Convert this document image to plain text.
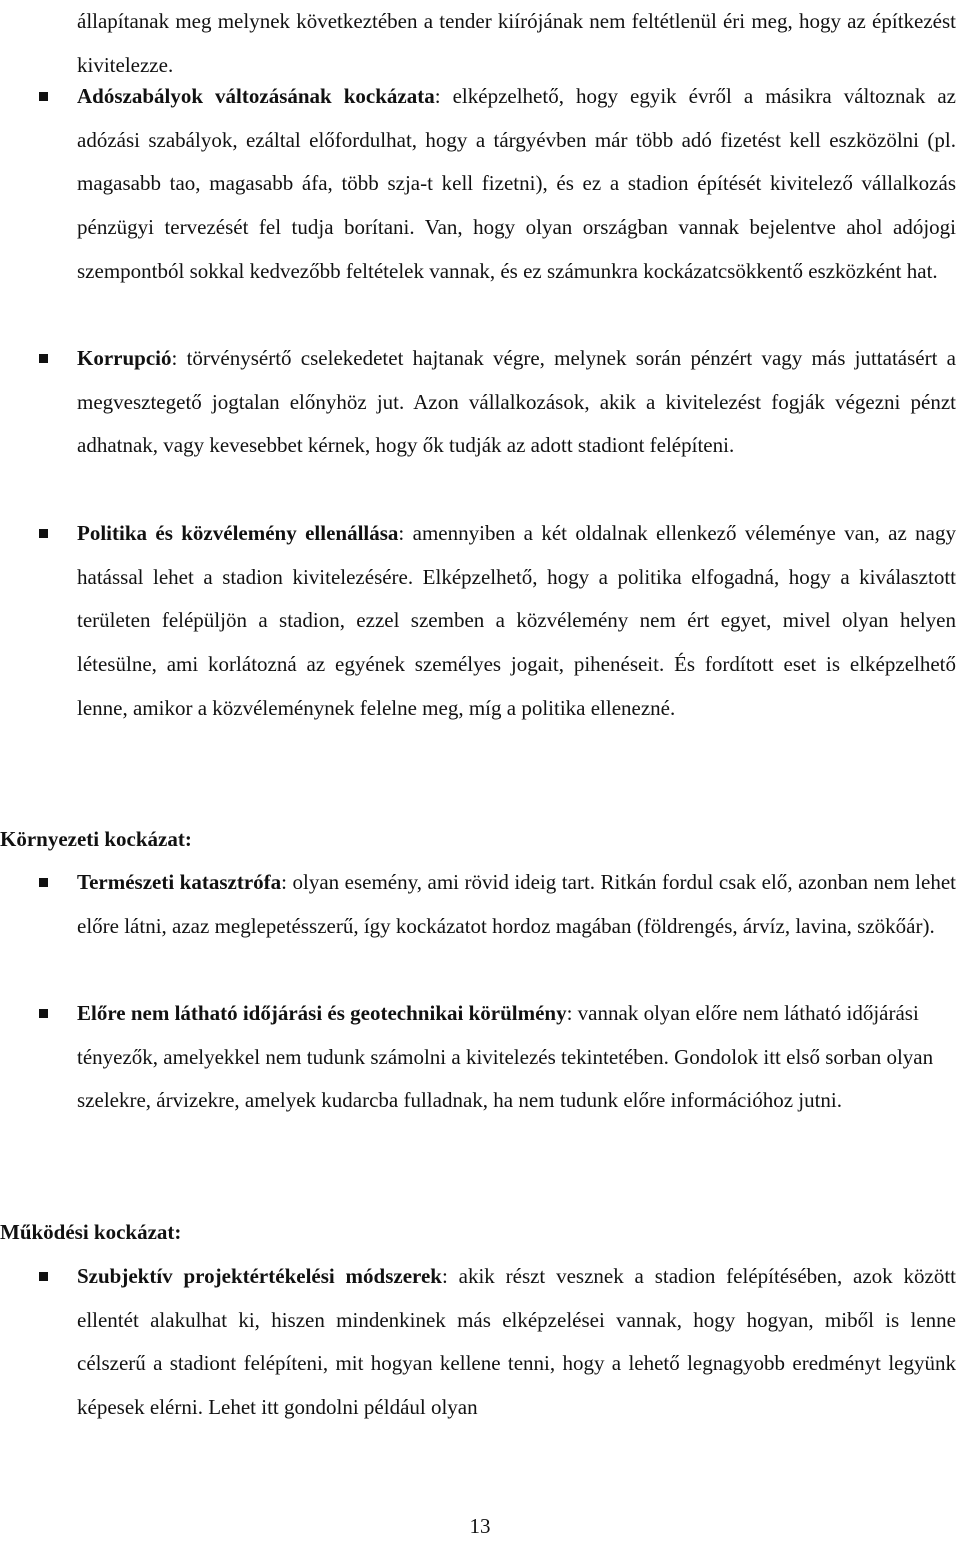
állapítanak meg melynek következtében a tender kiírójának nem feltétlenül éri meg, hogy az építkezést kivitelezze.

Adószabályok változásának kockázata: elképzelhető, hogy egyik évről a másikra változnak az adózási szabályok, ezáltal előfordulhat, hogy a tárgyévben már több adó fizetést kell eszközölni (pl. magasabb tao, magasabb áfa, több szja-t kell fizetni), és ez a stadion építését kivitelező vállalkozás pénzügyi tervezését fel tudja borítani. Van, hogy olyan országban vannak bejelentve ahol adójogi szempontból sokkal kedvezőbb feltételek vannak, és ez számunkra kockázatcsökkentő eszközként hat.

Korrupció: törvénysértő cselekedetet hajtanak végre, melynek során pénzért vagy más juttatásért a megvesztegető jogtalan előnyhöz jut. Azon vállalkozások, akik a kivitelezést fogják végezni pénzt adhatnak, vagy kevesebbet kérnek, hogy ők tudják az adott stadiont felépíteni.

Politika és közvélemény ellenállása: amennyiben a két oldalnak ellenkező véleménye van, az nagy hatással lehet a stadion kivitelezésére. Elképzelhető, hogy a politika elfogadná, hogy a kiválasztott területen felépüljön a stadion, ezzel szemben a közvélemény nem ért egyet, mivel olyan helyen létesülne, ami korlátozná az egyének személyes jogait, pihenéseit. És fordított eset is elképzelhető lenne, amikor a közvéleménynek felelne meg, míg a politika ellenezné.

Környezeti kockázat:

Természeti katasztrófa: olyan esemény, ami rövid ideig tart. Ritkán fordul csak elő, azonban nem lehet előre látni, azaz meglepetésszerű, így kockázatot hordoz magában (földrengés, árvíz, lavina, szökőár).

Előre nem látható időjárási és geotechnikai körülmény: vannak olyan előre nem látható időjárási tényezők, amelyekkel nem tudunk számolni a kivitelezés tekintetében. Gondolok itt első sorban olyan szelekre, árvizekre, amelyek kudarcba fulladnak, ha nem tudunk előre információhoz jutni.

Működési kockázat:

Szubjektív projektértékelési módszerek: akik részt vesznek a stadion felépítésében, azok között ellentét alakulhat ki, hiszen mindenkinek más elképzelései vannak, hogy hogyan, miből is lenne célszerű a stadiont felépíteni, mit hogyan kellene tenni, hogy a lehető legnagyobb eredményt legyünk képesek elérni. Lehet itt gondolni például olyan

13
